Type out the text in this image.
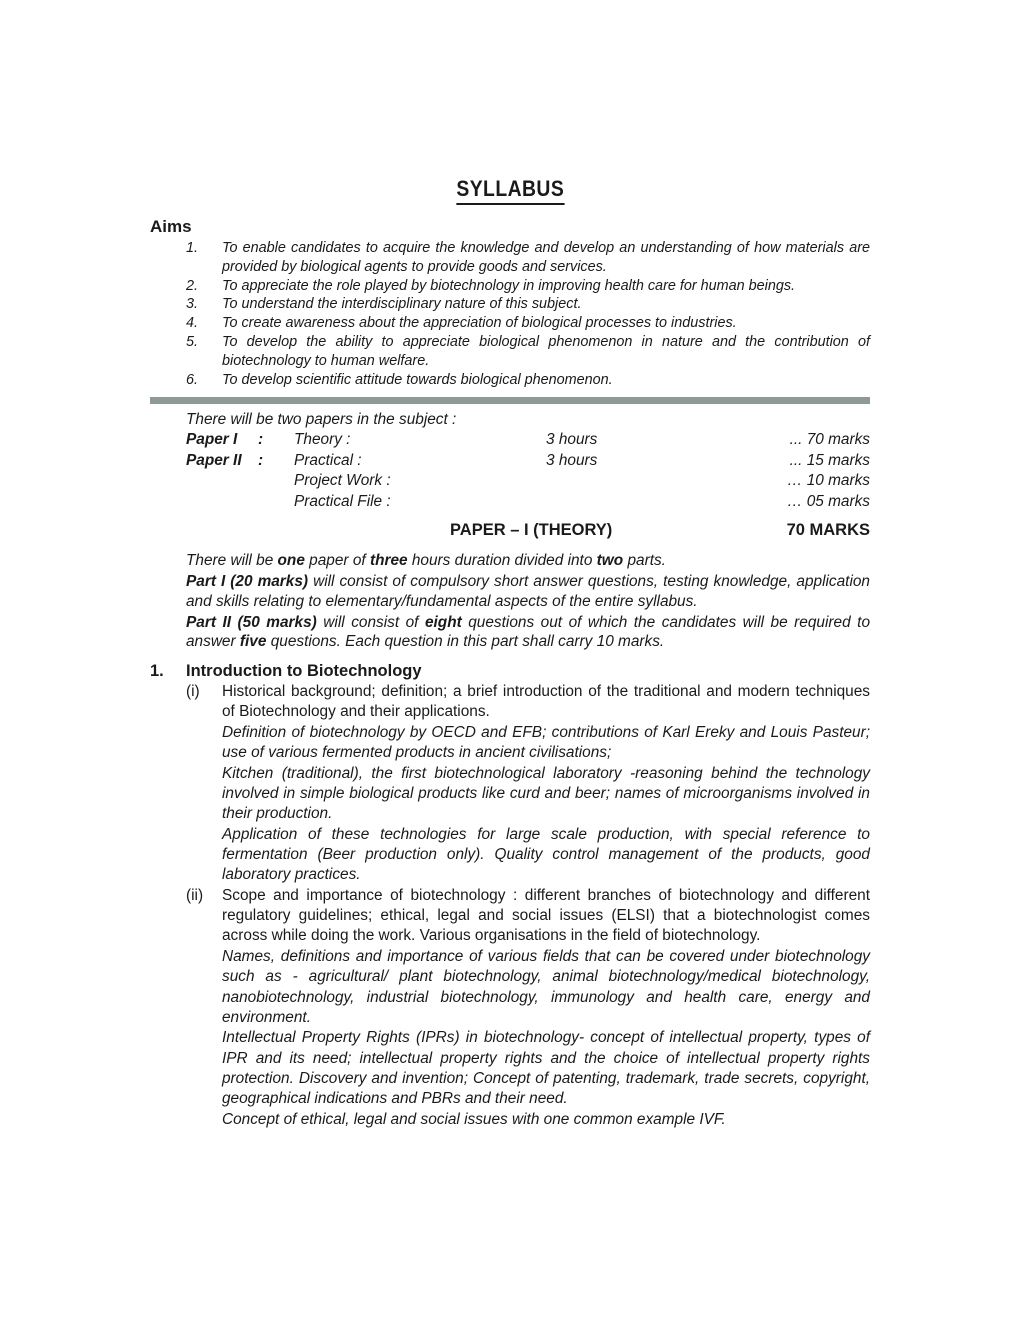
SYLLABUS
Aims
1.	To enable candidates to acquire the knowledge and develop an understanding of how materials are provided by biological agents to provide goods and services.
2.	To appreciate the role played by biotechnology in improving health care for human beings.
3.	To understand the interdisciplinary nature of this subject.
4.	To create awareness about the appreciation of biological processes to industries.
5.	To develop the ability to appreciate biological phenomenon in nature and the contribution of biotechnology to human welfare.
6.	To develop scientific attitude towards biological phenomenon.
There will be two papers in the subject :
Paper I : Theory :	3 hours	... 70 marks
Paper II : Practical :	3 hours	... 15 marks
Project Work :	… 10 marks
Practical File :	… 05 marks
PAPER – I (THEORY)	70 MARKS

There will be one paper of three hours duration divided into two parts.

Part I (20 marks) will consist of compulsory short answer questions, testing knowledge, application and skills relating to elementary/fundamental aspects of the entire syllabus.

Part II (50 marks) will consist of eight questions out of which the candidates will be required to answer five questions. Each question in this part shall carry 10 marks.

1.	Introduction to Biotechnology
(i)	Historical background; definition; a brief introduction of the traditional and modern techniques of Biotechnology and their applications.

Definition of biotechnology by OECD and EFB; contributions of Karl Ereky and Louis Pasteur; use of various fermented products in ancient civilisations;

Kitchen (traditional), the first biotechnological laboratory -reasoning behind the technology involved in simple biological products like curd and beer; names of microorganisms involved in their production.

Application of these technologies for large scale production, with special reference to fermentation (Beer production only). Quality control management of the products, good laboratory practices.

(ii)	Scope and importance of biotechnology : different branches of biotechnology and different regulatory guidelines; ethical, legal and social issues (ELSI) that a biotechnologist comes across while doing the work. Various organisations in the field of biotechnology.

Names, definitions and importance of various fields that can be covered under biotechnology such as - agricultural/ plant biotechnology, animal biotechnology/medical biotechnology, nanobiotechnology, industrial biotechnology, immunology and health care, energy and environment.

Intellectual Property Rights (IPRs) in biotechnology- concept of intellectual property, types of IPR and its need; intellectual property rights and the choice of intellectual property rights protection. Discovery and invention; Concept of patenting, trademark, trade secrets, copyright, geographical indications and PBRs and their need.

Concept of ethical, legal and social issues with one common example IVF.
